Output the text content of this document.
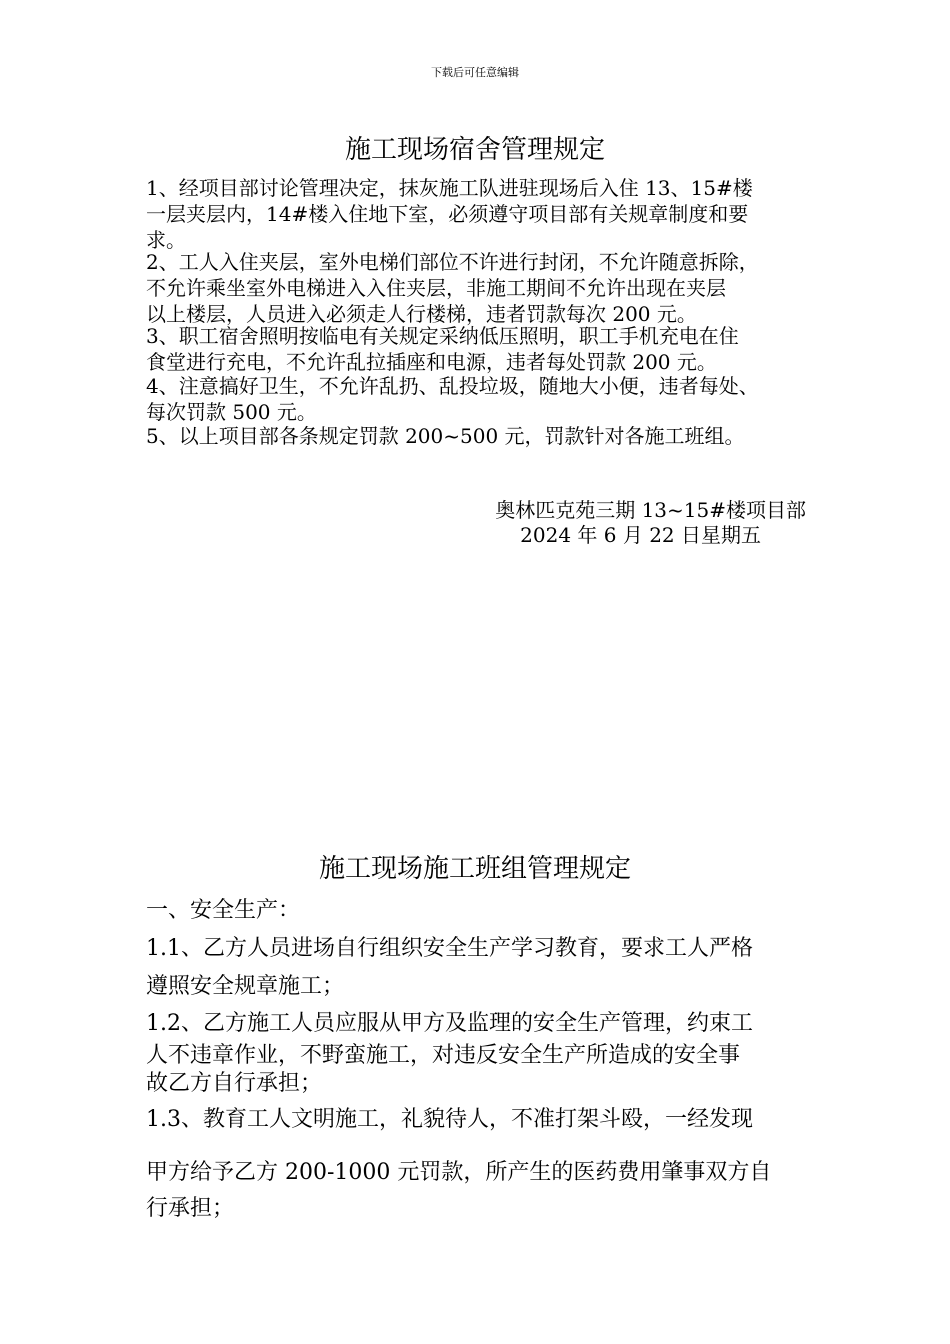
下载后可任意编辑
施工现场宿舍管理规定
1、经项目部讨论管理决定，抹灰施工队进驻现场后入住 13、15#楼
一层夹层内，14#楼入住地下室，必须遵守项目部有关规章制度和要
求。
2、工人入住夹层，室外电梯们部位不许进行封闭，不允许随意拆除，
不允许乘坐室外电梯进入入住夹层，非施工期间不允许出现在夹层
以上楼层，人员进入必须走人行楼梯，违者罚款每次 200 元。
3、职工宿舍照明按临电有关规定采纳低压照明，职工手机充电在住
食堂进行充电，不允许乱拉插座和电源，违者每处罚款 200 元。
4、注意搞好卫生，不允许乱扔、乱投垃圾，随地大小便，违者每处、
每次罚款 500 元。
5、以上项目部各条规定罚款 200~500 元，罚款针对各施工班组。
奥林匹克苑三期 13~15#楼项目部
2024 年 6 月 22 日星期五
施工现场施工班组管理规定
一、安全生产：
1.1、乙方人员进场自行组织安全生产学习教育，要求工人严格
遵照安全规章施工；
1.2、乙方施工人员应服从甲方及监理的安全生产管理，约束工
人不违章作业，不野蛮施工，对违反安全生产所造成的安全事
故乙方自行承担；
1.3、教育工人文明施工，礼貌待人，不准打架斗殴，一经发现
甲方给予乙方 200-1000 元罚款，所产生的医药费用肇事双方自
行承担；
